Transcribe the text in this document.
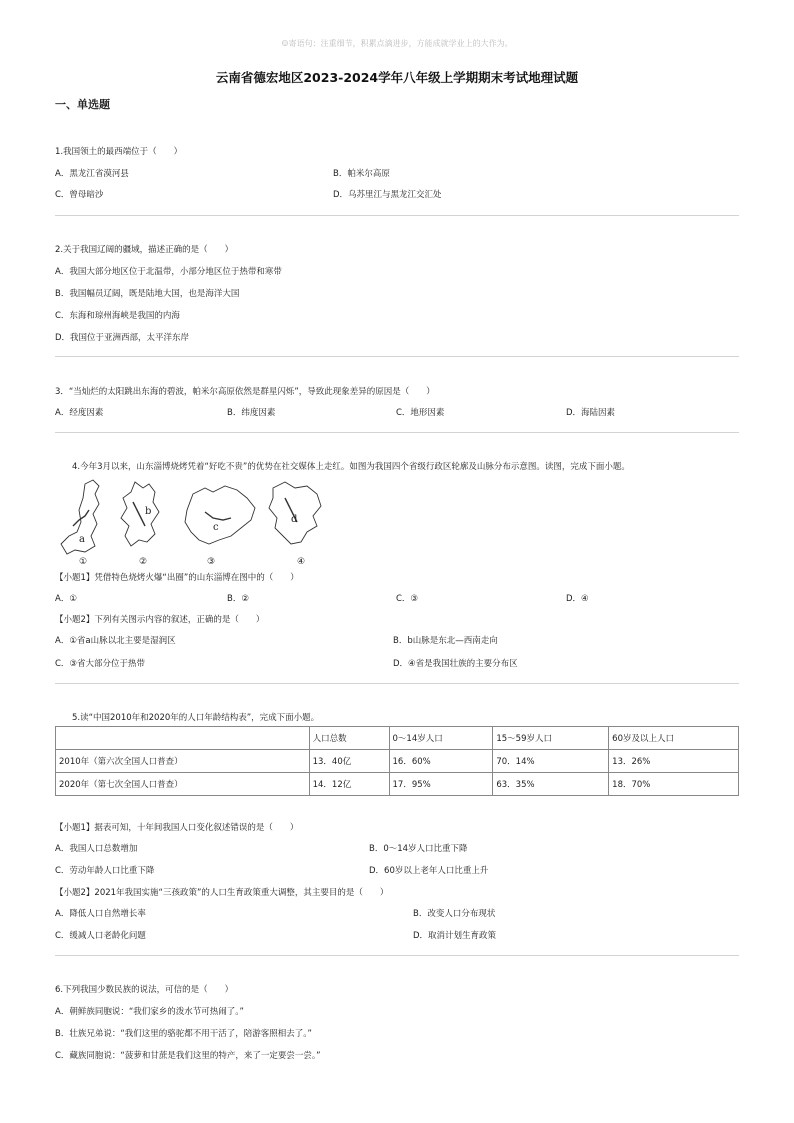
☺寄语句：注重细节，积累点滴进步，方能成就学业上的大作为。
云南省德宏地区2023-2024学年八年级上学期期末考试地理试题
一、单选题
1.我国领土的最西端位于（　　）
A．黑龙江省漠河县	B．帕米尔高原
C．曾母暗沙	D．乌苏里江与黑龙江交汇处
2.关于我国辽阔的疆域，描述正确的是（　　）
A．我国大部分地区位于北温带，小部分地区位于热带和寒带
B．我国幅员辽阔，既是陆地大国，也是海洋大国
C．东海和琼州海峡是我国的内海
D．我国位于亚洲西部，太平洋东岸
3．“当灿烂的太阳跳出东海的碧波，帕米尔高原依然是群星闪烁”，导致此现象差异的原因是（　　）
A．经度因素	B．纬度因素	C．地形因素	D．海陆因素
4.今年3月以来，山东淄博烧烤凭着“好吃不贵”的优势在社交媒体上走红。如图为我国四个省级行政区轮廓及山脉分布示意图。读图，完成下面小题。
a
b
c
d
①	②	③	④
【小题1】凭借特色烧烤火爆“出圈”的山东淄博在图中的（　　）
A．①	B．②	C．③	D．④
【小题2】下列有关图示内容的叙述，正确的是（　　）
A．①省a山脉以北主要是湿润区	B．b山脉是东北—西南走向
C．③省大部分位于热带	D．④省是我国壮族的主要分布区
5.读“中国2010年和2020年的人口年龄结构表”，完成下面小题。
	人口总数	0～14岁人口	15～59岁人口	60岁及以上人口
2010年（第六次全国人口普查）	13．40亿	16．60%	70．14%	13．26%
2020年（第七次全国人口普查）	14．12亿	17．95%	63．35%	18．70%
【小题1】据表可知，十年间我国人口变化叙述错误的是（　　）
A．我国人口总数增加	B．0～14岁人口比重下降
C．劳动年龄人口比重下降	D．60岁以上老年人口比重上升
【小题2】2021年我国实施“三孩政策”的人口生育政策重大调整，其主要目的是（　　）
A．降低人口自然增长率	B．改变人口分布现状
C．缓减人口老龄化问题	D．取消计划生育政策
6.下列我国少数民族的说法，可信的是（　　）
A．朝鲜族同胞说：“我们家乡的泼水节可热闹了。”
B．壮族兄弟说：“我们这里的骆驼都不用干活了，陪游客照相去了。”
C．藏族同胞说：“菠萝和甘蔗是我们这里的特产，来了一定要尝一尝。”
